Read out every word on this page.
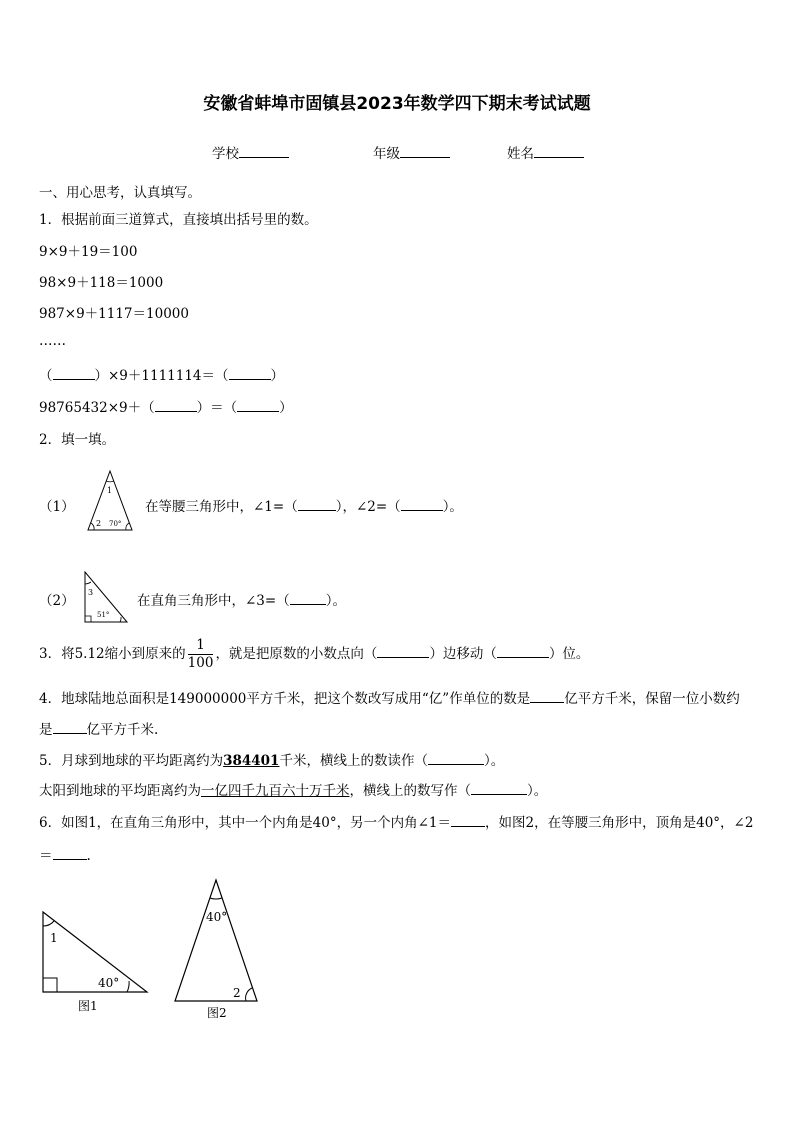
安徽省蚌埠市固镇县2023年数学四下期末考试试题
学校	年级	姓名
一、用心思考，认真填写。
1．根据前面三道算式，直接填出括号里的数。
9×9＋19＝100
98×9＋118＝1000
987×9＋1117＝10000
……
（	）×9＋1111114＝（	）
98765432×9＋（	）＝（	）
2．填一填。
（1）
1
2 70°
在等腰三角形中，∠1=（	），∠2=（	）。
（2）
3
51°
在直角三角形中，∠3=（	）。
3．将5.12缩小到原来的 $\frac{1}{100}$ ，就是把原数的小数点向（	）边移动（	）位。
4．地球陆地总面积是149000000平方千米，把这个数改写成用“亿”作单位的数是	亿平方千米，保留一位小数约
是	亿平方千米.
5．月球到地球的平均距离约为384401千米，横线上的数读作（	）。
太阳到地球的平均距离约为一亿四千九百六十万千米，横线上的数写作（	）。
6．如图1，在直角三角形中，其中一个内角是40°，另一个内角∠1＝	，如图2，在等腰三角形中，顶角是40°，∠2
＝	.
1
40°
图1
40°
2
图2
